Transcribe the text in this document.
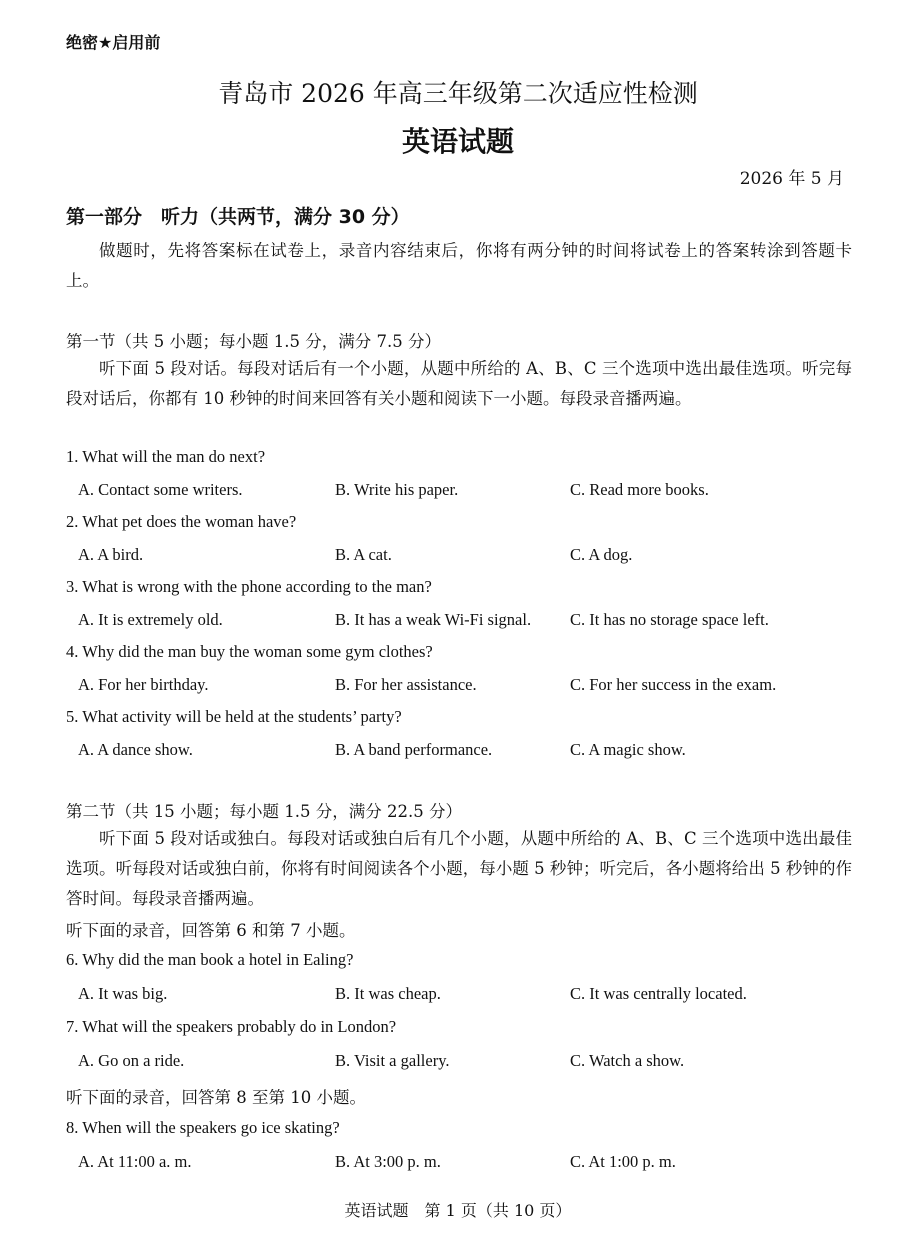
绝密★启用前
青岛市 2026 年高三年级第二次适应性检测
英语试题
2026 年 5 月
第一部分　听力（共两节，满分 30 分）
做题时，先将答案标在试卷上，录音内容结束后，你将有两分钟的时间将试卷上的答案转涂到答题卡上。
第一节（共 5 小题；每小题 1.5 分，满分 7.5 分）
听下面 5 段对话。每段对话后有一个小题，从题中所给的 A、B、C 三个选项中选出最佳选项。听完每段对话后，你都有 10 秒钟的时间来回答有关小题和阅读下一小题。每段录音播两遍。
1. What will the man do next?
A. Contact some writers.	B. Write his paper.	C. Read more books.
2. What pet does the woman have?
A. A bird.	B. A cat.	C. A dog.
3. What is wrong with the phone according to the man?
A. It is extremely old.	B. It has a weak Wi-Fi signal. C. It has no storage space left.
4. Why did the man buy the woman some gym clothes?
A. For her birthday.	B. For her assistance.	C. For her success in the exam.
5. What activity will be held at the students’ party?
A. A dance show.	B. A band performance.	C. A magic show.
第二节（共 15 小题；每小题 1.5 分，满分 22.5 分）
听下面 5 段对话或独白。每段对话或独白后有几个小题，从题中所给的 A、B、C 三个选项中选出最佳选项。听每段对话或独白前，你将有时间阅读各个小题，每小题 5 秒钟；听完后，各小题将给出 5 秒钟的作答时间。每段录音播两遍。
听下面的录音，回答第 6 和第 7 小题。
6. Why did the man book a hotel in Ealing?
A. It was big.	B. It was cheap.	C. It was centrally located.
7. What will the speakers probably do in London?
A. Go on a ride.	B. Visit a gallery.	C. Watch a show.
听下面的录音，回答第 8 至第 10 小题。
8. When will the speakers go ice skating?
A. At 11:00 a. m.	B. At 3:00 p. m.	C. At 1:00 p. m.
英语试题　第 1 页（共 10 页）
